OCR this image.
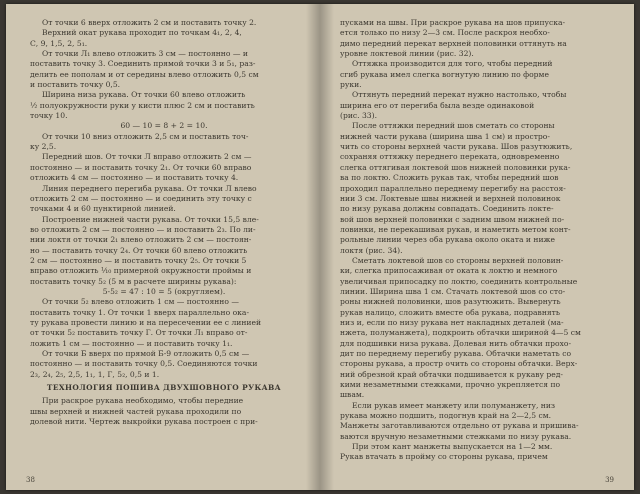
От точки 6 вверх отложить 2 см и поставить точку 2.
Верхний окат рукава проходит по точкам 4₁, 2, 4,
С, 9, 1,5, 2, 5₁.
От точки Л₁ влево отложить 3 см — постоянно — и
поставить точку 3. Соединить прямой точки 3 и 5₁, раз-
делить ее пополам и от середины влево отложить 0,5 см
и поставить точку 0,5.
Ширина низа рукава. От точки 60 влево отложить
½ полуокружности руки у кисти плюс 2 см и поставить
точку 10.
60 — 10 = 8 + 2 = 10.
От точки 10 вниз отложить 2,5 см и поставить точ-
ку 2,5.
Передний шов. От точки Л вправо отложить 2 см —
постоянно — и поставить точку 2₁. От точки 60 вправо
отложить 4 см — постоянно — и поставить точку 4.
Линия переднего перегиба рукава. От точки Л влево
отложить 2 см — постоянно — и соединить эту точку с
точками 4 и 60 пунктирной линией.
Построение нижней части рукава. От точки 15,5 вле-
во отложить 2 см — постоянно — и поставить 2₃. По ли-
нии локтя от точки 2₁ влево отложить 2 см — постоян-
но — поставить точку 2₄. От точки 60 влево отложить
2 см — постоянно — и поставить точку 2₅. От точки 5
вправо отложить ¹⁄₁₀ примерной окружности проймы и
поставить точку 5₂ (5 м в расчете ширины рукава):
5-5₂ = 47 : 10 = 5 (округляем).
От точки 5₂ влево отложить 1 см — постоянно —
поставить точку 1. От точки 1 вверх параллельно ока-
ту рукава провести линию и на пересечении ее с линией
от точки 5₂ поставить точку Г. От точки Л₁ вправо от-
ложить 1 см — постоянно — и поставить точку 1₁.
От точки Б вверх по прямой Б-9 отложить 0,5 см —
постоянно — и поставить точку 0,5. Соединяются точки
2₃, 2₄, 2₅, 2,5, 1₁, 1, Г, 5₂, 0,5 и 1.
ТЕХНОЛОГИЯ ПОШИВА ДВУХШОВНОГО РУКАВА
При раскрое рукава необходимо, чтобы передние
швы верхней и нижней частей рукава проходили по
долевой нити. Чертеж выкройки рукава построен с при-
пусками на швы. При раскрое рукава на шов припуска-
ется только по низу 2—3 см. После раскроя необхо-
димо передний перекат верхней половинки оттянуть на
уровне локтевой линии (рис. 32).
Оттяжка производится для того, чтобы передний
сгиб рукава имел слегка вогнутую линию по форме
руки.
Оттянуть передний перекат нужно настолько, чтобы
ширина его от перегиба была везде одинаковой
(рис. 33).
После оттяжки передний шов сметать со стороны
нижней части рукава (ширина шва 1 см) и простро-
чить со стороны верхней части рукава. Шов разутюжить,
сохраняя оттяжку переднего переката, одновременно
слегка оттягивая локтевой шов нижней половинки рука-
ва по локтю. Сложить рукав так, чтобы передний шов
проходил параллельно переднему перегибу на расстоя-
нии 3 см. Локтевые швы нижней и верхней половинок
по низу рукава должны совпадать. Соединить локте-
вой шов верхней половинки с задним швом нижней по-
ловинки, не перекашивая рукав, и наметить метом конт-
рольные линии через оба рукава около оката и ниже
локтя (рис. 34).
Сметать локтевой шов со стороны верхней половин-
ки, слегка припосаживая от оката к локтю и немного
увеличивая припосадку по локтю, соединить контрольные
линии. Ширина шва 1 см. Стачать локтевой шов со сто-
роны нижней половинки, шов разутюжить. Вывернуть
рукав налицо, сложить вместе оба рукава, подравнять
низ и, если по низу рукава нет накладных деталей (ма-
нжета, полуманжета), подкроить обтачки шириной 4—5 см
для подшивки низа рукава. Долевая нить обтачки прохо-
дит по переднему перегибу рукава. Обтачки наметать со
стороны рукава, а простр очить со стороны обтачки. Верх-
ний обрезной край обтачки подшивается к рукаву ред-
кими незаметными стежками, прочно укрепляется по
швам.
Если рукав имеет манжету или полуманжету, низ
рукава можно подшить, подогнув край на 2—2,5 см.
Манжеты заготавливаются отдельно от рукава и пришива-
ваются вручную незаметными стежками по низу рукава.
При этом кант манжеты выпускается на 1—2 мм.
Рукав втачать в пройму со стороны рукава, причем
38	39
